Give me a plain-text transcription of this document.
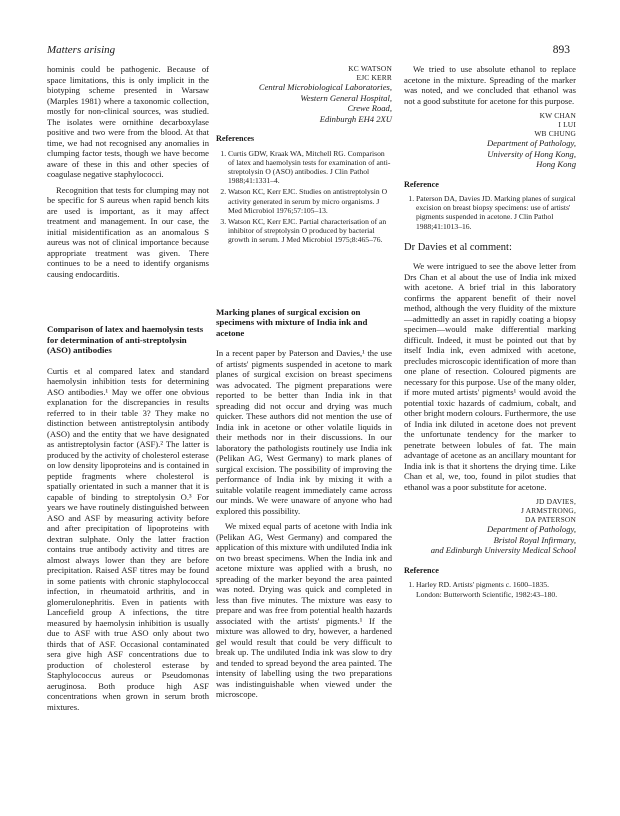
Matters arising	893

hominis could be pathogenic. Because of space limitations, this is only implicit in the biotyping scheme presented in Warsaw (Marples 1981) where a taxonomic collection, mostly for non-clinical sources, was studied. The isolates were ornithine decarboxylase positive and two were from the blood. At that time, we had not recognised any anomalies in clumping factor tests, though we have become aware of these in this and other species of coagulase negative staphylococci.

Recognition that tests for clumping may not be specific for S aureus when rapid bench kits are used is important, as it may affect treatment and management. In our case, the initial misidentification as an anomalous S aureus was not of clinical importance because appropriate treatment was given. There continues to be a need to identify organisms causing endocarditis.

Comparison of latex and haemolysin tests for determination of anti-streptolysin (ASO) antibodies

Curtis et al compared latex and standard haemolysin inhibition tests for determining ASO antibodies.¹ May we offer one obvious explanation for the discrepancies in results referred to in their table 3? They make no distinction between antistreptolysin antibody (ASO) and the entity that we have designated as antistreptolysin factor (ASF).² The latter is produced by the activity of cholesterol esterase on low density lipoproteins and is contained in peptide fragments where cholesterol is spatially orientated in such a manner that it is capable of binding to streptolysin O.³ For years we have routinely distinguished between ASO and ASF by measuring activity before and after precipitation of lipoproteins with dextran sulphate. Only the latter fraction contains true antibody activity and titres are almost always lower than they are before precipitation. Raised ASF titres may be found in some patients with chronic staphylococcal infection, in rheumatoid arthritis, and in glomerulonephritis. Even in patients with Lancefield group A infections, the titre measured by haemolysin inhibition is usually due to ASF with true ASO only about two thirds that of ASF. Occasional contaminated sera give high ASF concentrations due to production of cholesterol esterase by Staphylococcus aureus or Pseudomonas aeruginosa. Both produce high ASF concentrations when grown in serum broth mixtures.

KC WATSON
EJC KERR
Central Microbiological Laboratories,
Western General Hospital,
Crewe Road,
Edinburgh EH4 2XU
References
1. Curtis GDW, Kraak WA, Mitchell RG. Comparison of latex and haemolysin tests for examination of anti-streptolysin O (ASO) antibodies. J Clin Pathol 1988;41:1331–4.
2. Watson KC, Kerr EJC. Studies on antistreptolysin O activity generated in serum by micro organisms. J Med Microbiol 1976;57:105–13.
3. Watson KC, Kerr EJC. Partial characterisation of an inhibitor of streptolysin O produced by bacterial growth in serum. J Med Microbiol 1975;8:465–76.
Marking planes of surgical excision on specimens with mixture of India ink and acetone

In a recent paper by Paterson and Davies,¹ the use of artists' pigments suspended in acetone to mark planes of surgical excision on breast specimens was advocated. The pigment preparations were reported to be better than India ink in that spreading did not occur and drying was much quicker. These authors did not mention the use of India ink in acetone or other volatile liquids in their methods nor in their discussions. In our laboratory the pathologists routinely use India ink (Pelikan AG, West Germany) to mark planes of surgical excision. The possibility of improving the performance of India ink by mixing it with a suitable volatile reagent immediately came across our minds. We were unaware of anyone who had explored this possibility.

We mixed equal parts of acetone with India ink (Pelikan AG, West Germany) and compared the application of this mixture with undiluted India ink on two breast specimens. When the India ink and acetone mixture was applied with a brush, no spreading of the marker beyond the area painted was noted. Drying was quick and completed in less than five minutes. The mixture was easy to prepare and was free from potential health hazards associated with the artists' pigments.¹ If the mixture was allowed to dry, however, a hardened gel would result that could be very difficult to break up. The undiluted India ink was slow to dry and tended to spread beyond the area painted. The intensity of labelling using the two preparations was indistinguishable when viewed under the microscope.

We tried to use absolute ethanol to replace acetone in the mixture. Spreading of the marker was noted, and we concluded that ethanol was not a good substitute for acetone for this purpose.

KW CHAN
I LUI
WB CHUNG
Department of Pathology,
University of Hong Kong,
Hong Kong
Reference
1. Paterson DA, Davies JD. Marking planes of surgical excision on breast biopsy specimens: use of artists' pigments suspended in acetone. J Clin Pathol 1988;41:1013–16.
Dr Davies et al comment:

We were intrigued to see the above letter from Drs Chan et al about the use of India ink mixed with acetone. A brief trial in this laboratory confirms the apparent benefit of their novel method, although the very fluidity of the mixture—admittedly an asset in rapidly coating a biopsy specimen—would make differential marking difficult. Indeed, it must be pointed out that by itself India ink, even admixed with acetone, precludes microscopic identification of more than one plane of resection. Coloured pigments are necessary for this purpose. Use of the many older, if more muted artists' pigments¹ would avoid the potential toxic hazards of cadmium, cobalt, and other bright modern colours. Furthermore, the use of India ink diluted in acetone does not prevent the unfortunate tendency for the marker to penetrate between lobules of fat. The main advantage of acetone as an ancillary mountant for India ink is that it shortens the drying time. Like Chan et al, we, too, found in pilot studies that ethanol was a poor substitute for acetone.

JD DAVIES,
J ARMSTRONG,
DA PATERSON
Department of Pathology,
Bristol Royal Infirmary,
and Edinburgh University Medical School
Reference
1. Harley RD. Artists' pigments c. 1600–1835. London: Butterworth Scientific, 1982:43–180.
